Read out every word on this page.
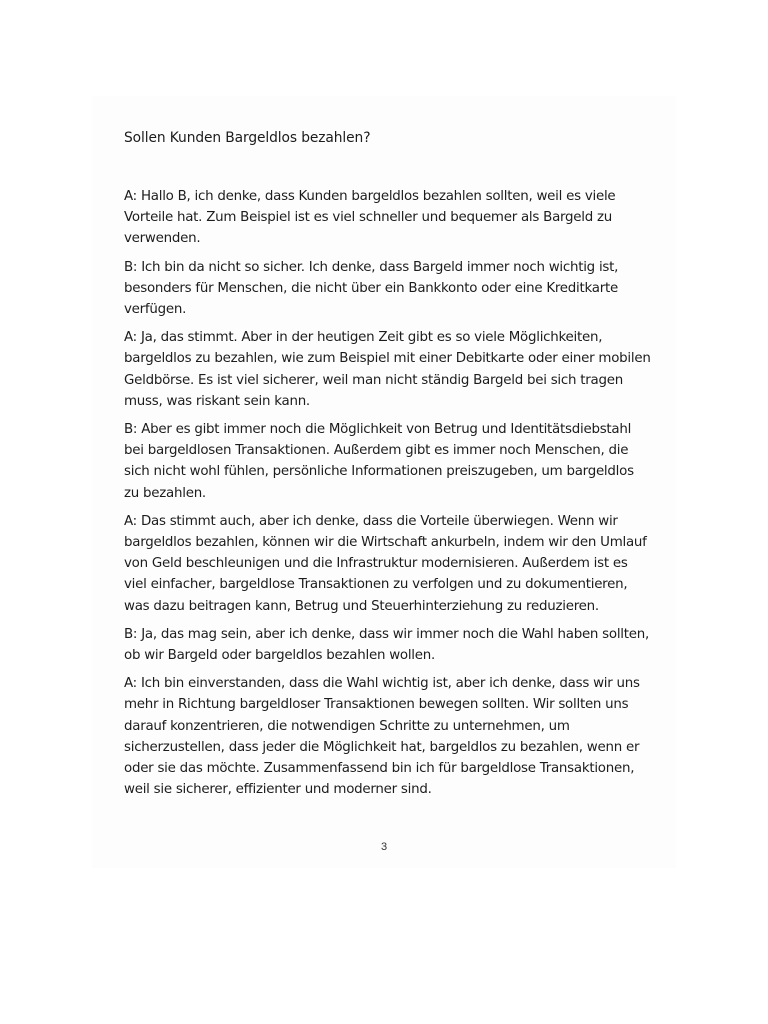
Sollen Kunden Bargeldlos bezahlen?

A: Hallo B, ich denke, dass Kunden bargeldlos bezahlen sollten, weil es viele Vorteile hat. Zum Beispiel ist es viel schneller und bequemer als Bargeld zu verwenden.

B: Ich bin da nicht so sicher. Ich denke, dass Bargeld immer noch wichtig ist, besonders für Menschen, die nicht über ein Bankkonto oder eine Kreditkarte verfügen.

A: Ja, das stimmt. Aber in der heutigen Zeit gibt es so viele Möglichkeiten, bargeldlos zu bezahlen, wie zum Beispiel mit einer Debitkarte oder einer mobilen Geldbörse. Es ist viel sicherer, weil man nicht ständig Bargeld bei sich tragen muss, was riskant sein kann.

B: Aber es gibt immer noch die Möglichkeit von Betrug und Identitätsdiebstahl bei bargeldlosen Transaktionen. Außerdem gibt es immer noch Menschen, die sich nicht wohl fühlen, persönliche Informationen preiszugeben, um bargeldlos zu bezahlen.

A: Das stimmt auch, aber ich denke, dass die Vorteile überwiegen. Wenn wir bargeldlos bezahlen, können wir die Wirtschaft ankurbeln, indem wir den Umlauf von Geld beschleunigen und die Infrastruktur modernisieren. Außerdem ist es viel einfacher, bargeldlose Transaktionen zu verfolgen und zu dokumentieren, was dazu beitragen kann, Betrug und Steuerhinterziehung zu reduzieren.

B: Ja, das mag sein, aber ich denke, dass wir immer noch die Wahl haben sollten, ob wir Bargeld oder bargeldlos bezahlen wollen.

A: Ich bin einverstanden, dass die Wahl wichtig ist, aber ich denke, dass wir uns mehr in Richtung bargeldloser Transaktionen bewegen sollten. Wir sollten uns darauf konzentrieren, die notwendigen Schritte zu unternehmen, um sicherzustellen, dass jeder die Möglichkeit hat, bargeldlos zu bezahlen, wenn er oder sie das möchte. Zusammenfassend bin ich für bargeldlose Transaktionen, weil sie sicherer, effizienter und moderner sind.

3
